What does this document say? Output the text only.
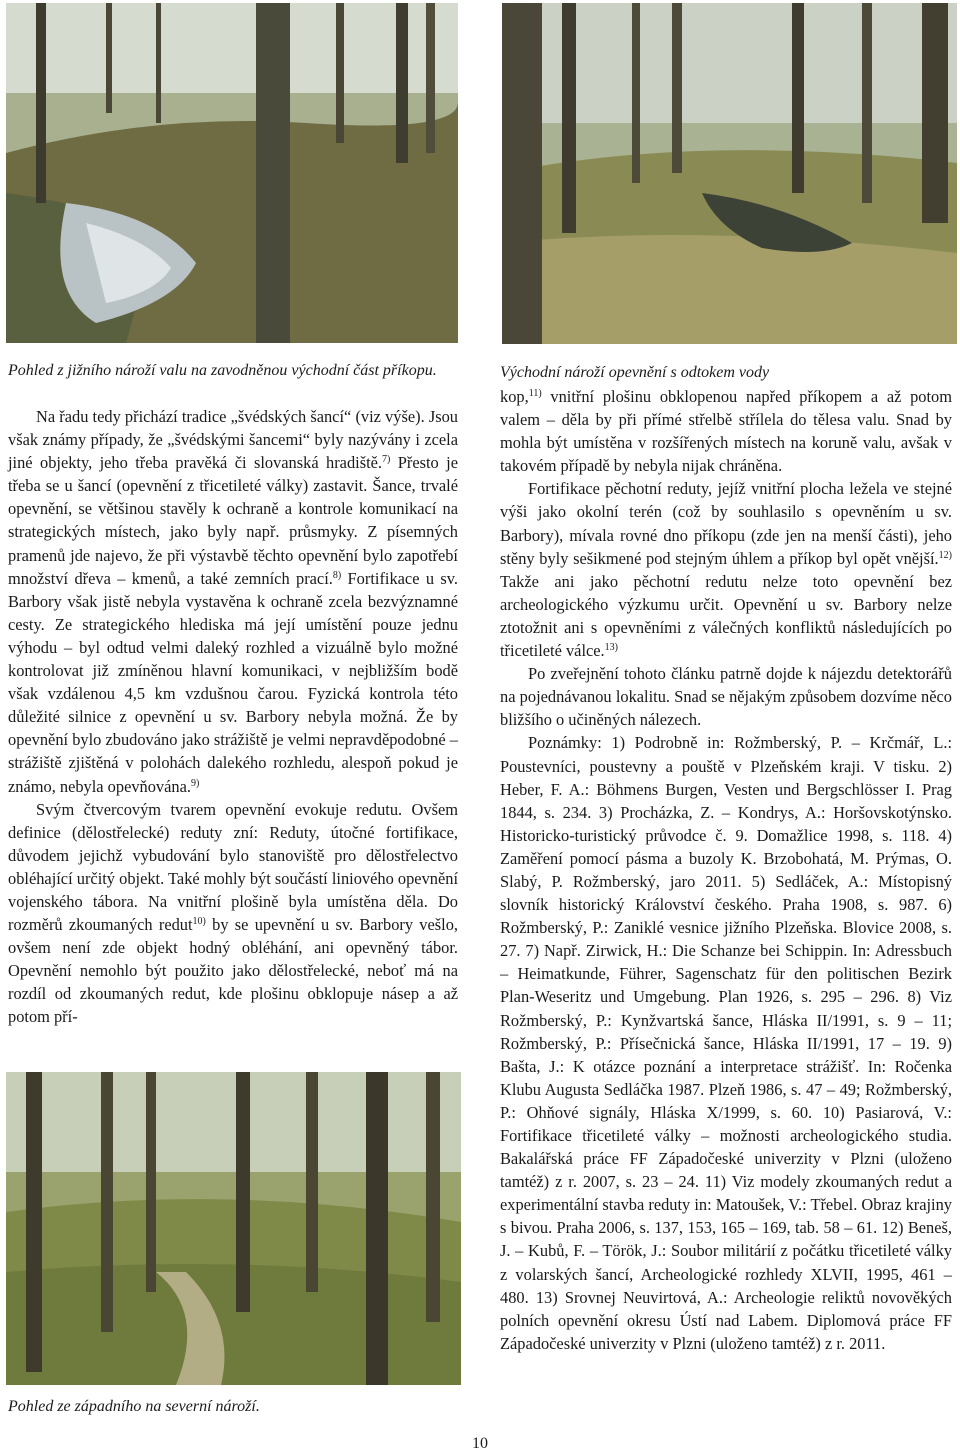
Pohled z jižního nároží valu na zavodněnou východní část příkopu.	Východní nároží opevnění s odtokem vody

Pohled ze západního na severní nároží.

Na řadu tedy přichází tradice „švédských šancí“ (viz výše). Jsou však známy případy, že „švédskými šancemi“ byly nazývány i zcela jiné objekty, jeho třeba pravěká či slovanská hradiště.$^{7)}$ Přesto je třeba se u šancí (opevnění z třicetileté války) zastavit. Šance, trvalé opevnění, se většinou stavěly k ochraně a kontrole komunikací na strategických místech, jako byly např. průsmyky. Z písemných pramenů jde najevo, že při výstavbě těchto opevnění bylo zapotřebí množství dřeva – kmenů, a také zemních prací.$^{8)}$ Fortifikace u sv. Barbory však jistě nebyla vystavěna k ochraně zcela bezvýznamné cesty. Ze strategického hlediska má její umístění pouze jednu výhodu – byl odtud velmi daleký rozhled a vizuálně bylo možné kontrolovat již zmíněnou hlavní komunikaci, v nejbližším bodě však vzdálenou 4,5 km vzdušnou čarou. Fyzická kontrola této důležité silnice z opevnění u sv. Barbory nebyla možná. Že by opevnění bylo zbudováno jako strážiště je velmi nepravděpodobné – strážiště zjištěná v polohách dalekého rozhledu, alespoň pokud je známo, nebyla opevňována.$^{9)}$

Svým čtvercovým tvarem opevnění evokuje redutu. Ovšem definice (dělostřelecké) reduty zní: Reduty, útočné fortifikace, důvodem jejichž vybudování bylo stanoviště pro dělostřelectvo obléhající určitý objekt. Také mohly být součástí liniového opevnění vojenského tábora. Na vnitřní plošině byla umístěna děla. Do rozměrů zkoumaných redut$^{10)}$ by se upevnění u sv. Barbory vešlo, ovšem není zde objekt hodný obléhání, ani opevněný tábor. Opevnění nemohlo být použito jako dělostřelecké, neboť má na rozdíl od zkoumaných redut, kde plošinu obklopuje násep a až potom pří-

kop,$^{11)}$ vnitřní plošinu obklopenou napřed příkopem a až potom valem – děla by při přímé střelbě střílela do tělesa valu. Snad by mohla být umístěna v rozšířených místech na koruně valu, avšak v takovém případě by nebyla nijak chráněna.

Fortifikace pěchotní reduty, jejíž vnitřní plocha ležela ve stejné výši jako okolní terén (což by souhlasilo s opevněním u sv. Barbory), mívala rovné dno příkopu (zde jen na menší části), jeho stěny byly sešikmené pod stejným úhlem a příkop byl opět vnější.$^{12)}$ Takže ani jako pěchotní redutu nelze toto opevnění bez archeologického výzkumu určit. Opevnění u sv. Barbory nelze ztotožnit ani s opevněními z válečných konfliktů následujících po třicetileté válce.$^{13)}$

Po zveřejnění tohoto článku patrně dojde k nájezdu detektorářů na pojednávanou lokalitu. Snad se nějakým způsobem dozvíme něco bližšího o učiněných nálezech.

Poznámky: 1) Podrobně in: Rožmberský, P. – Krčmář, L.: Poustevníci, poustevny a pouště v Plzeňském kraji. V tisku. 2) Heber, F. A.: Böhmens Burgen, Vesten und Bergschlösser I. Prag 1844, s. 234. 3) Procházka, Z. – Kondrys, A.: Horšovskotýnsko. Historicko-turistický průvodce č. 9. Domažlice 1998, s. 118. 4) Zaměření pomocí pásma a buzoly K. Brzobohatá, M. Prýmas, O. Slabý, P. Rožmberský, jaro 2011. 5) Sedláček, A.: Místopisný slovník historický Království českého. Praha 1908, s. 987. 6) Rožmberský, P.: Zaniklé vesnice jižního Plzeňska. Blovice 2008, s. 27. 7) Např. Zirwick, H.: Die Schanze bei Schippin. In: Adressbuch – Heimatkunde, Führer, Sagenschatz für den politischen Bezirk Plan-Weseritz und Umgebung. Plan 1926, s. 295 – 296. 8) Viz Rožmberský, P.: Kynžvartská šance, Hláska II/1991, s. 9 – 11; Rožmberský, P.: Přísečnická šance, Hláska II/1991, 17 – 19. 9) Bašta, J.: K otázce poznání a interpretace strážišť. In: Ročenka Klubu Augusta Sedláčka 1987. Plzeň 1986, s. 47 – 49; Rožmberský, P.: Ohňové signály, Hláska X/1999, s. 60. 10) Pasiarová, V.: Fortifikace třicetileté války – možnosti archeologického studia. Bakalářská práce FF Západočeské univerzity v Plzni (uloženo tamtéž) z r. 2007, s. 23 – 24. 11) Viz modely zkoumaných redut a experimentální stavba reduty in: Matoušek, V.: Třebel. Obraz krajiny s bivou. Praha 2006, s. 137, 153, 165 – 169, tab. 58 – 61. 12) Beneš, J. – Kubů, F. – Török, J.: Soubor militárií z počátku třicetileté války z volarských šancí, Archeologické rozhledy XLVII, 1995, 461 – 480. 13) Srovnej Neuvirtová, A.: Archeologie reliktů novověkých polních opevnění okresu Ústí nad Labem. Diplomová práce FF Západočeské univerzity v Plzni (uloženo tamtéž) z r. 2011.

10
